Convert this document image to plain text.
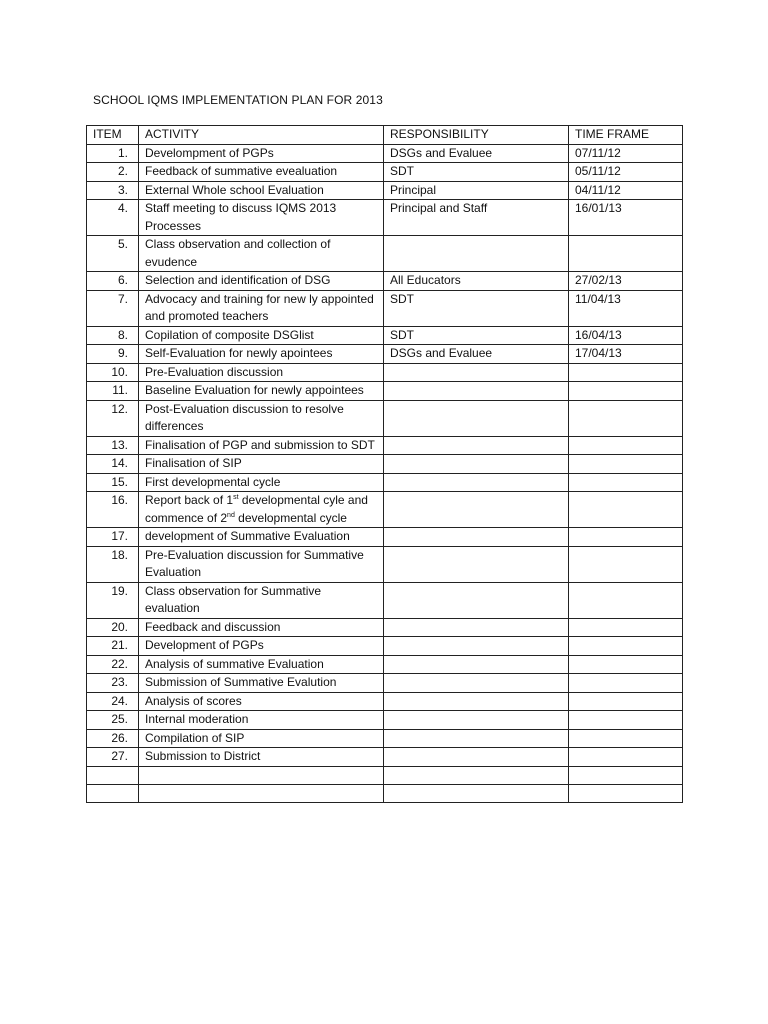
SCHOOL IQMS IMPLEMENTATION PLAN FOR 2013
ITEM	ACTIVITY	RESPONSIBILITY	TIME FRAME
1.	Develompment of PGPs	DSGs and Evaluee	07/11/12
2.	Feedback of summative evealuation	SDT	05/11/12
3.	External Whole school Evaluation	Principal	04/11/12
4.	Staff meeting to discuss IQMS 2013 Processes	Principal and Staff	16/01/13
5.	Class observation and collection of evudence		
6.	Selection and identification of DSG	All Educators	27/02/13
7.	Advocacy and training for new ly appointed and promoted teachers	SDT	11/04/13
8.	Copilation of composite DSGlist	SDT	16/04/13
9.	Self-Evaluation for newly apointees	DSGs and Evaluee	17/04/13
10.	Pre-Evaluation discussion		
11.	Baseline Evaluation for newly appointees		
12.	Post-Evaluation discussion to resolve differences		
13.	Finalisation of PGP and submission to SDT		
14.	Finalisation of SIP		
15.	First developmental cycle		
16.	Report back of 1st developmental cyle and commence of 2nd developmental cycle		
17.	development of Summative Evaluation		
18.	Pre-Evaluation discussion for Summative Evaluation		
19.	Class observation for Summative evaluation		
20.	Feedback and discussion		
21.	Development of PGPs		
22.	Analysis of summative Evaluation		
23.	Submission of Summative Evalution		
24.	Analysis of scores		
25.	Internal moderation		
26.	Compilation of SIP		
27.	Submission to District		
